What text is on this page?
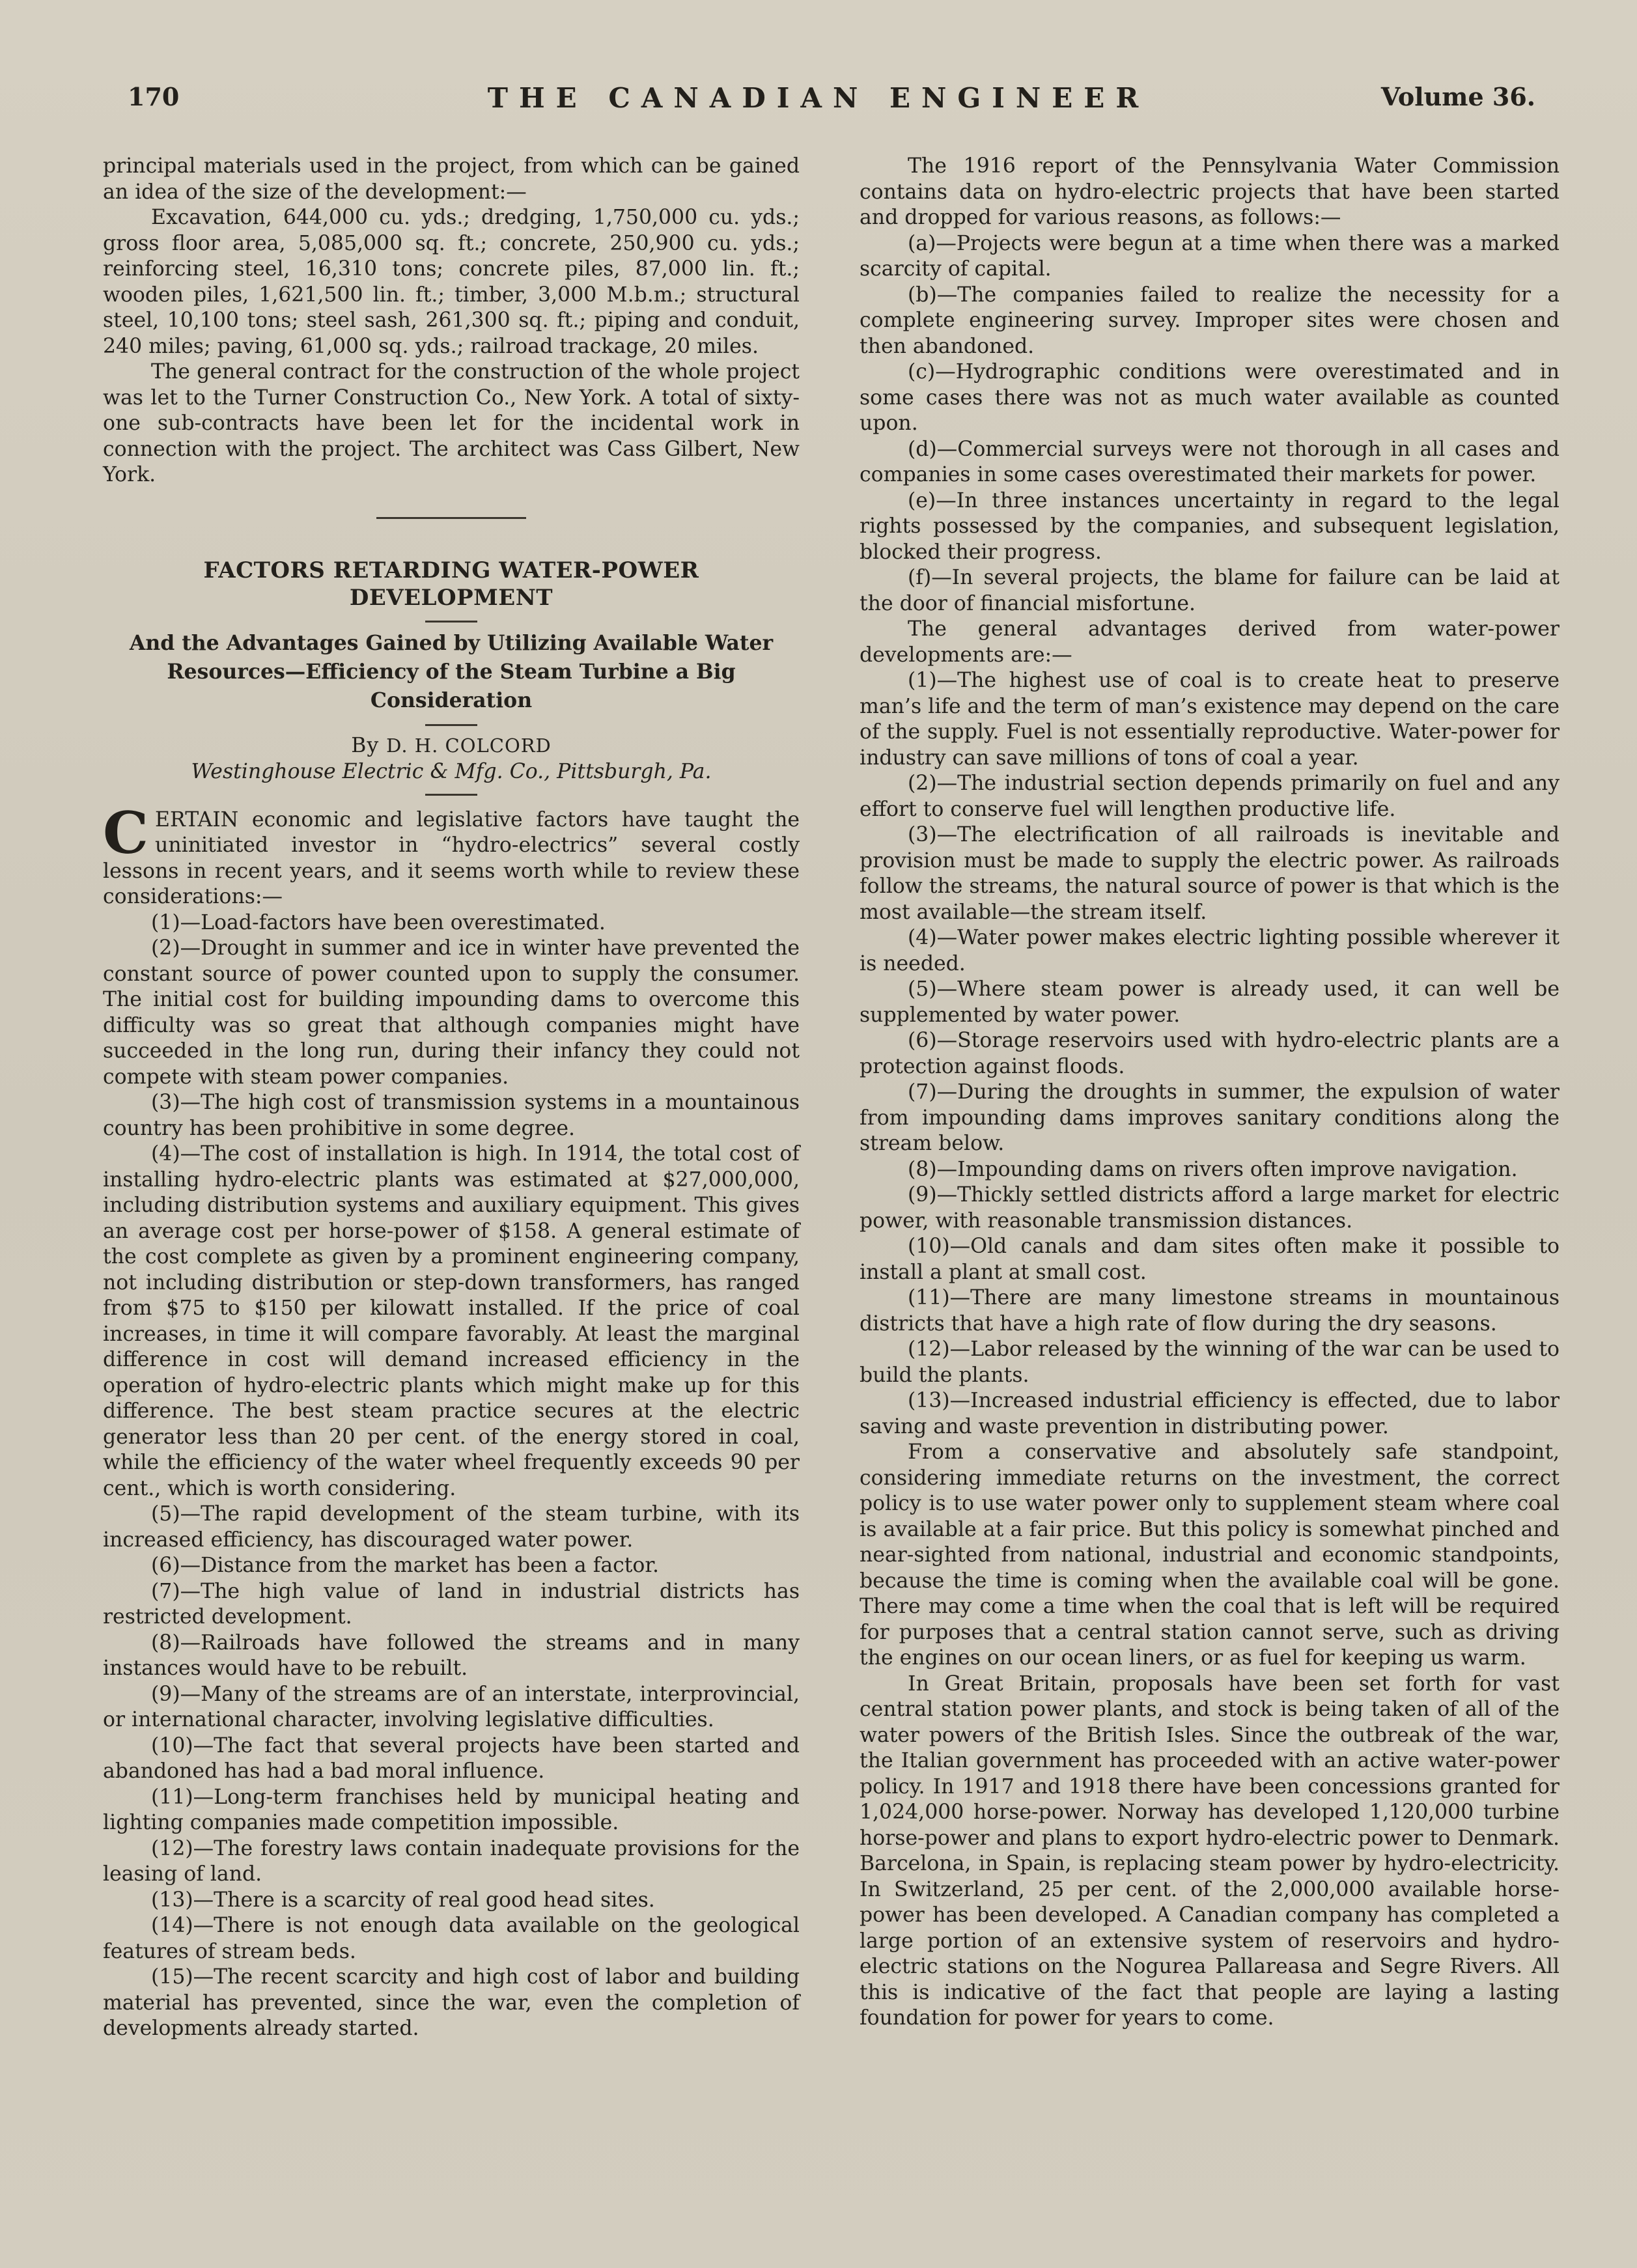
170	THE CANADIAN ENGINEER	Volume 36.

principal materials used in the project, from which can be gained an idea of the size of the development:—

Excavation, 644,000 cu. yds.; dredging, 1,750,000 cu. yds.; gross floor area, 5,085,000 sq. ft.; concrete, 250,900 cu. yds.; reinforcing steel, 16,310 tons; concrete piles, 87,000 lin. ft.; wooden piles, 1,621,500 lin. ft.; timber, 3,000 M.b.m.; structural steel, 10,100 tons; steel sash, 261,300 sq. ft.; piping and conduit, 240 miles; paving, 61,000 sq. yds.; railroad trackage, 20 miles.

The general contract for the construction of the whole project was let to the Turner Construction Co., New York. A total of sixty-one sub-contracts have been let for the incidental work in connection with the project. The architect was Cass Gilbert, New York.

FACTORS RETARDING WATER-POWER DEVELOPMENT
And the Advantages Gained by Utilizing Available Water Resources—Efficiency of the Steam Turbine a Big Consideration

By D. H. COLCORD

Westinghouse Electric & Mfg. Co., Pittsburgh, Pa.

CERTAIN economic and legislative factors have taught the uninitiated investor in “hydro-electrics” several costly lessons in recent years, and it seems worth while to review these considerations:—

(1)—Load-factors have been overestimated.

(2)—Drought in summer and ice in winter have prevented the constant source of power counted upon to supply the consumer. The initial cost for building impounding dams to overcome this difficulty was so great that although companies might have succeeded in the long run, during their infancy they could not compete with steam power companies.

(3)—The high cost of transmission systems in a mountainous country has been prohibitive in some degree.

(4)—The cost of installation is high. In 1914, the total cost of installing hydro-electric plants was estimated at $27,000,000, including distribution systems and auxiliary equipment. This gives an average cost per horse-power of $158. A general estimate of the cost complete as given by a prominent engineering company, not including distribution or step-down transformers, has ranged from $75 to $150 per kilowatt installed. If the price of coal increases, in time it will compare favorably. At least the marginal difference in cost will demand increased efficiency in the operation of hydro-electric plants which might make up for this difference. The best steam practice secures at the electric generator less than 20 per cent. of the energy stored in coal, while the efficiency of the water wheel frequently exceeds 90 per cent., which is worth considering.

(5)—The rapid development of the steam turbine, with its increased efficiency, has discouraged water power.

(6)—Distance from the market has been a factor.

(7)—The high value of land in industrial districts has restricted development.

(8)—Railroads have followed the streams and in many instances would have to be rebuilt.

(9)—Many of the streams are of an interstate, interprovincial, or international character, involving legislative difficulties.

(10)—The fact that several projects have been started and abandoned has had a bad moral influence.

(11)—Long-term franchises held by municipal heating and lighting companies made competition impossible.

(12)—The forestry laws contain inadequate provisions for the leasing of land.

(13)—There is a scarcity of real good head sites.

(14)—There is not enough data available on the geological features of stream beds.

(15)—The recent scarcity and high cost of labor and building material has prevented, since the war, even the completion of developments already started.

The 1916 report of the Pennsylvania Water Commission contains data on hydro-electric projects that have been started and dropped for various reasons, as follows:—

(a)—Projects were begun at a time when there was a marked scarcity of capital.

(b)—The companies failed to realize the necessity for a complete engineering survey. Improper sites were chosen and then abandoned.

(c)—Hydrographic conditions were overestimated and in some cases there was not as much water available as counted upon.

(d)—Commercial surveys were not thorough in all cases and companies in some cases overestimated their markets for power.

(e)—In three instances uncertainty in regard to the legal rights possessed by the companies, and subsequent legislation, blocked their progress.

(f)—In several projects, the blame for failure can be laid at the door of financial misfortune.

The general advantages derived from water-power developments are:—

(1)—The highest use of coal is to create heat to preserve man’s life and the term of man’s existence may depend on the care of the supply. Fuel is not essentially reproductive. Water-power for industry can save millions of tons of coal a year.

(2)—The industrial section depends primarily on fuel and any effort to conserve fuel will lengthen productive life.

(3)—The electrification of all railroads is inevitable and provision must be made to supply the electric power. As railroads follow the streams, the natural source of power is that which is the most available—the stream itself.

(4)—Water power makes electric lighting possible wherever it is needed.

(5)—Where steam power is already used, it can well be supplemented by water power.

(6)—Storage reservoirs used with hydro-electric plants are a protection against floods.

(7)—During the droughts in summer, the expulsion of water from impounding dams improves sanitary conditions along the stream below.

(8)—Impounding dams on rivers often improve navigation.

(9)—Thickly settled districts afford a large market for electric power, with reasonable transmission distances.

(10)—Old canals and dam sites often make it possible to install a plant at small cost.

(11)—There are many limestone streams in mountainous districts that have a high rate of flow during the dry seasons.

(12)—Labor released by the winning of the war can be used to build the plants.

(13)—Increased industrial efficiency is effected, due to labor saving and waste prevention in distributing power.

From a conservative and absolutely safe standpoint, considering immediate returns on the investment, the correct policy is to use water power only to supplement steam where coal is available at a fair price. But this policy is somewhat pinched and near-sighted from national, industrial and economic standpoints, because the time is coming when the available coal will be gone. There may come a time when the coal that is left will be required for purposes that a central station cannot serve, such as driving the engines on our ocean liners, or as fuel for keeping us warm.

In Great Britain, proposals have been set forth for vast central station power plants, and stock is being taken of all of the water powers of the British Isles. Since the outbreak of the war, the Italian government has proceeded with an active water-power policy. In 1917 and 1918 there have been concessions granted for 1,024,000 horse-power. Norway has developed 1,120,000 turbine horse-power and plans to export hydro-electric power to Denmark. Barcelona, in Spain, is replacing steam power by hydro-electricity. In Switzerland, 25 per cent. of the 2,000,000 available horse-power has been developed. A Canadian company has completed a large portion of an extensive system of reservoirs and hydro-electric stations on the Nogurea Pallareasa and Segre Rivers. All this is indicative of the fact that people are laying a lasting foundation for power for years to come.
